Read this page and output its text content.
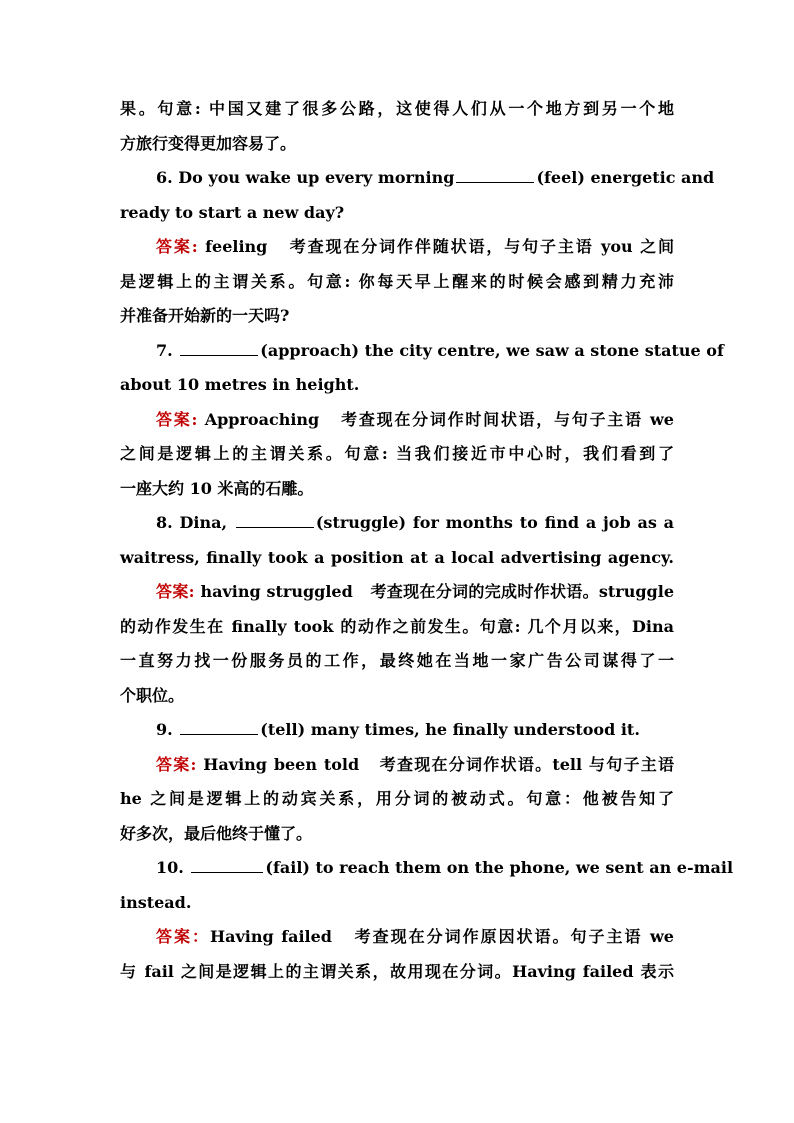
果。句意: 中国又建了很多公路，这使得人们从一个地方到另一个地
方旅行变得更加容易了。
6. Do you wake up every morning	(feel) energetic and
ready to start a new day?
答案: feeling 考查现在分词作伴随状语，与句子主语 you 之间
是逻辑上的主谓关系。句意: 你每天早上醒来的时候会感到精力充沛
并准备开始新的一天吗?
7.	(approach) the city centre, we saw a stone statue of
about 10 metres in height.
答案: Approaching 考查现在分词作时间状语，与句子主语 we
之间是逻辑上的主谓关系。句意: 当我们接近市中心时，我们看到了
一座大约 10 米高的石雕。
8. Dina,	(struggle) for months to find a job as a
waitress, finally took a position at a local advertising agency.
答案: having struggled 考查现在分词的完成时作状语。struggle
的动作发生在 finally took 的动作之前发生。句意: 几个月以来，Dina
一直努力找一份服务员的工作，最终她在当地一家广告公司谋得了一
个职位。
9.	(tell) many times, he finally understood it.
答案: Having been told 考查现在分词作状语。tell 与句子主语
he 之间是逻辑上的动宾关系，用分词的被动式。句意：他被告知了
好多次，最后他终于懂了。
10.	(fail) to reach them on the phone, we sent an e-mail
instead.
答案：Having failed 考查现在分词作原因状语。句子主语 we
与 fail 之间是逻辑上的主谓关系，故用现在分词。Having failed 表示
